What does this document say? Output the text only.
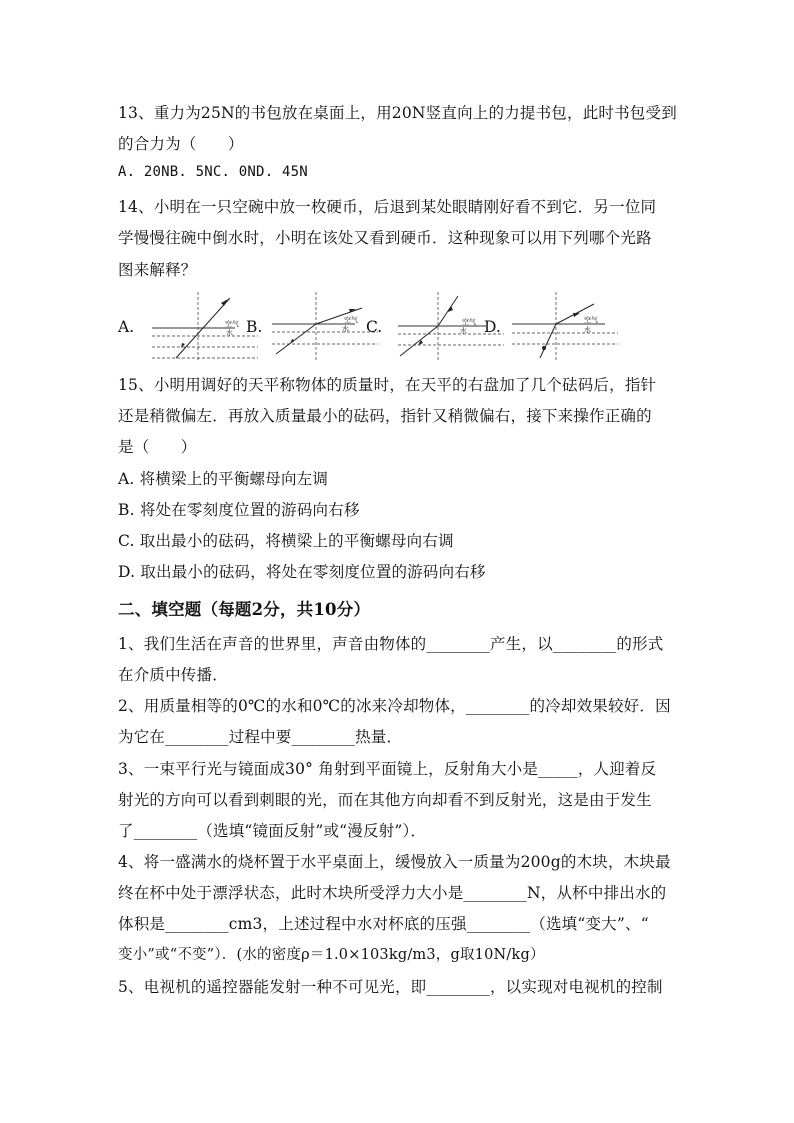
13、重力为25N的书包放在桌面上，用20N竖直向上的力提书包，此时书包受到
的合力为（　　）
A. 20NB. 5NC. 0ND. 45N
14、小明在一只空碗中放一枚硬币，后退到某处眼睛刚好看不到它．另一位同
学慢慢往碗中倒水时，小明在该处又看到硬币．这种现象可以用下列哪个光路
图来解释？
A.	空气
水 B.	空气
水 C.	空气
水 D.	空气
水
15、小明用调好的天平称物体的质量时，在天平的右盘加了几个砝码后，指针
还是稍微偏左．再放入质量最小的砝码，指针又稍微偏右，接下来操作正确的
是（　　）
A. 将横梁上的平衡螺母向左调
B. 将处在零刻度位置的游码向右移
C. 取出最小的砝码，将横梁上的平衡螺母向右调
D. 取出最小的砝码，将处在零刻度位置的游码向右移
二、填空题（每题2分，共10分）
1、我们生活在声音的世界里，声音由物体的________产生，以________的形式
在介质中传播．
2、用质量相等的0℃的水和0℃的冰来冷却物体，________的冷却效果较好．因
为它在________过程中要________热量．
3、一束平行光与镜面成30° 角射到平面镜上，反射角大小是_____，人迎着反
射光的方向可以看到刺眼的光，而在其他方向却看不到反射光，这是由于发生
了________（选填“镜面反射”或“漫反射”）．
4、将一盛满水的烧杯置于水平桌面上，缓慢放入一质量为200g的木块，木块最
终在杯中处于漂浮状态，此时木块所受浮力大小是________N，从杯中排出水的
体积是________cm3，上述过程中水对杯底的压强________（选填“变大”、“
变小”或“不变”）．(水的密度ρ＝1.0×103kg/m3，g取10N/kg）
5、电视机的遥控器能发射一种不可见光，即________，以实现对电视机的控制
